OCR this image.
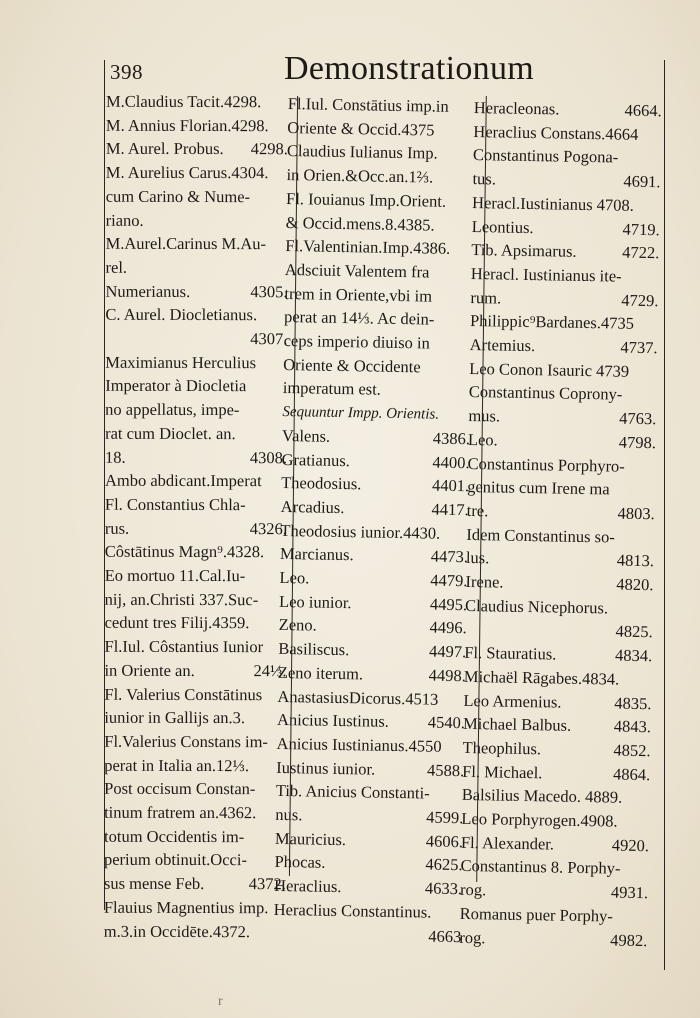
398	Demonstrationum
M.Claudius Tacit.4298.
M. Annius Florian.4298.
M. Aurel. Probus. 4298.
M. Aurelius Carus.4304.
cum Carino & Nume-
riano.
M.Aurel.Carinus M.Au-
rel.
Numerianus.	4305.
C. Aurel. Diocletianus.
4307.
Maximianus Herculius
Imperator à Diocletia
no appellatus, impe-
rat cum Dioclet. an.
18.	4308.
Ambo abdicant.Imperat
Fl. Constantius Chla-
rus.	4326.
Côstātinus Magn⁹.4328.
Eo mortuo 11.Cal.Iu-
nij, an.Christi 337.Suc-
cedunt tres Filij.4359.
Fl.Iul. Côstantius Iunior
in Oriente an.	24⅓.
Fl. Valerius Constātinus
iunior in Gallijs an.3.
Fl.Valerius Constans im-
perat in Italia an.12⅓.
Post occisum Constan-
tinum fratrem an.4362.
totum Occidentis im-
perium obtinuit.Occi-
sus mense Feb.	4372.
Flauius Magnentius imp.
m.3.in Occidēte.4372.
Fl.Iul. Constātius imp.in
Oriente & Occid.4375
Claudius Iulianus Imp.
in Orien.&Occ.an.1⅔.
Fl. Iouianus Imp.Orient.
& Occid.mens.8.4385.
Fl.Valentinian.Imp.4386.
Adsciuit Valentem fra
trem in Oriente,vbi im
perat an 14⅓. Ac dein-
ceps imperio diuiso in
Oriente & Occidente
imperatum est.
Sequuntur Impp. Orientis.
Valens.	4386.
Gratianus.	4400.
Theodosius.	4401.
Arcadius.	4417.
Theodosius iunior.4430.
Marcianus.	4473.
Leo.	4479.
Leo iunior.	4495.
Zeno.	4496.
Basiliscus.	4497.
Zeno iterum.	4498.
AnastasiusDicorus.4513
Anicius Iustinus. 4540.
Anicius Iustinianus.4550
Iustinus iunior.	4588.
Tib. Anicius Constanti-
nus.	4599.
Mauricius.	4606.
Phocas.	4625.
Heraclius.	4633.
Heraclius Constantinus.
4663
Heracleonas.	4664.
Heraclius Constans.4664
Constantinus Pogona-
tus.	4691.
Heracl.Iustinianus 4708.
Leontius.	4719.
Tib. Apsimarus.	4722.
Heracl. Iustinianus ite-
rum.	4729.
Philippic⁹Bardanes.4735
Artemius.	4737.
Leo Conon Isauric 4739
Constantinus Coprony-
mus.	4763.
Leo.	4798.
Constantinus Porphyro-
genitus cum Irene ma
tre.	4803.
Idem Constantinus so-
lus.	4813.
Irene.	4820.
Claudius Nicephorus.
4825.
Fl. Stauratius.	4834.
Michaël Rāgabes.4834.
Leo Armenius.	4835.
Michael Balbus.	4843.
Theophilus.	4852.
Fl. Michael.	4864.
Balsilius Macedo. 4889.
Leo Porphyrogen.4908.
Fl. Alexander.	4920.
Constantinus 8. Porphy-
rog.	4931.
Romanus puer Porphy-
rog.	4982.
r
